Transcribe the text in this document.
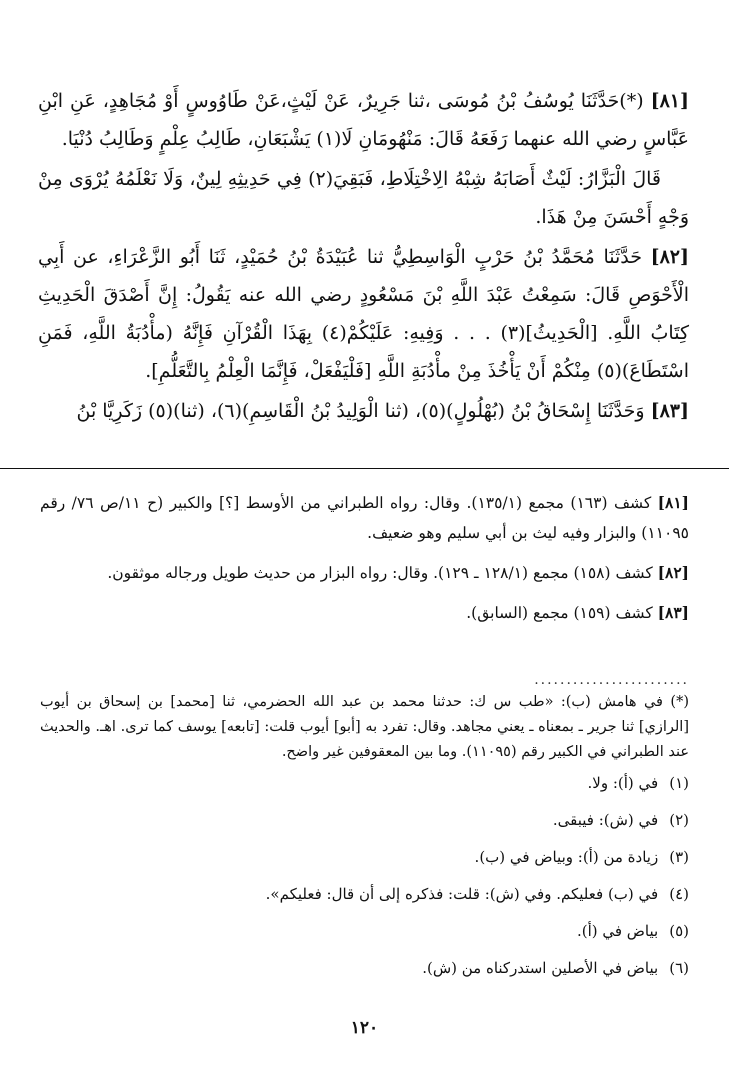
[٨١] (*)حَدَّثَنَا يُوسُفُ بْنُ مُوسَى ،ثنا جَرِيرٌ، عَنْ لَيْثٍ،عَنْ طَاوُوسٍ أَوْ مُجَاهِدٍ، عَنِ ابْنِ عَبَّاسٍ رضي الله عنهما رَفَعَهُ قَالَ: مَنْهُومَانِ لَا(١) يَشْبَعَانِ، طَالِبُ عِلْمٍ وَطَالِبُ دُنْيَا.

قَالَ الْبَزَّارُ: لَيْثٌ أَصَابَهُ شِبْهُ الِاخْتِلَاطِ، فَبَقِيَ(٢) فِي حَدِيثِهِ لِينٌ، وَلَا نَعْلَمُهُ يُرْوَى مِنْ وَجْهٍ أَحْسَنَ مِنْ هَذَا.

[٨٢] حَدَّثَنَا مُحَمَّدُ بْنُ حَرْبٍ الْوَاسِطِيُّ ثنا عُبَيْدَةُ بْنُ حُمَيْدٍ، ثَنَا أَبُو الزَّعْرَاءِ، عن أَبِي الْأَحْوَصِ قَالَ: سَمِعْتُ عَبْدَ اللَّهِ بْنَ مَسْعُودٍ رضي الله عنه يَقُولُ: إِنَّ أَصْدَقَ الْحَدِيثِ كِتَابُ اللَّهِ. [الْحَدِيثُ](٣) . . . وَفِيهِ: عَلَيْكُمْ(٤) بِهَذَا الْقُرْآنِ فَإِنَّهُ (مأْدُبَةُ اللَّهِ، فَمَنِ اسْتَطَاعَ)(٥) مِنْكُمْ أَنْ يَأْخُذَ مِنْ مأْدُبَةِ اللَّهِ [فَلْيَفْعَلْ، فَإِنَّمَا الْعِلْمُ بِالتَّعَلُّمِ].

[٨٣] وَحَدَّثَنَا إِسْحَاقُ بْنُ (بُهْلُولٍ)(٥)، (ثنا الْوَلِيدُ بْنُ الْقَاسِمِ)(٦)، (ثنا)(٥) زَكَرِيَّا بْنُ

[٨١] كشف (١٦٣) مجمع (١٣٥/١). وقال: رواه الطبراني من الأوسط [؟] والكبير (ح ١١/ص ٧٦/ رقم ١١٠٩٥) والبزار وفيه ليث بن أبي سليم وهو ضعيف.

[٨٢] كشف (١٥٨) مجمع (١٢٨/١ ـ ١٢٩). وقال: رواه البزار من حديث طويل ورجاله موثقون.

[٨٣] كشف (١٥٩) مجمع (السابق).

........................

(*) في هامش (ب): «طب س ك: حدثنا محمد بن عبد الله الحضرمي، ثنا [محمد] بن إسحاق بن أيوب [الرازي] ثنا جرير ـ بمعناه ـ يعني مجاهد. وقال: تفرد به [أبو] أيوب قلت: [تابعه] يوسف كما ترى. اهـ. والحديث عند الطبراني في الكبير رقم (١١٠٩٥). وما بين المعقوفين غير واضح.

(١) في (أ): ولا.

(٢) في (ش): فيبقى.

(٣) زيادة من (أ): وبياض في (ب).

(٤) في (ب) فعليكم. وفي (ش): قلت: فذكره إلى أن قال: فعليكم».

(٥) بياض في (أ).

(٦) بياض في الأصلين استدركناه من (ش).

١٢٠
